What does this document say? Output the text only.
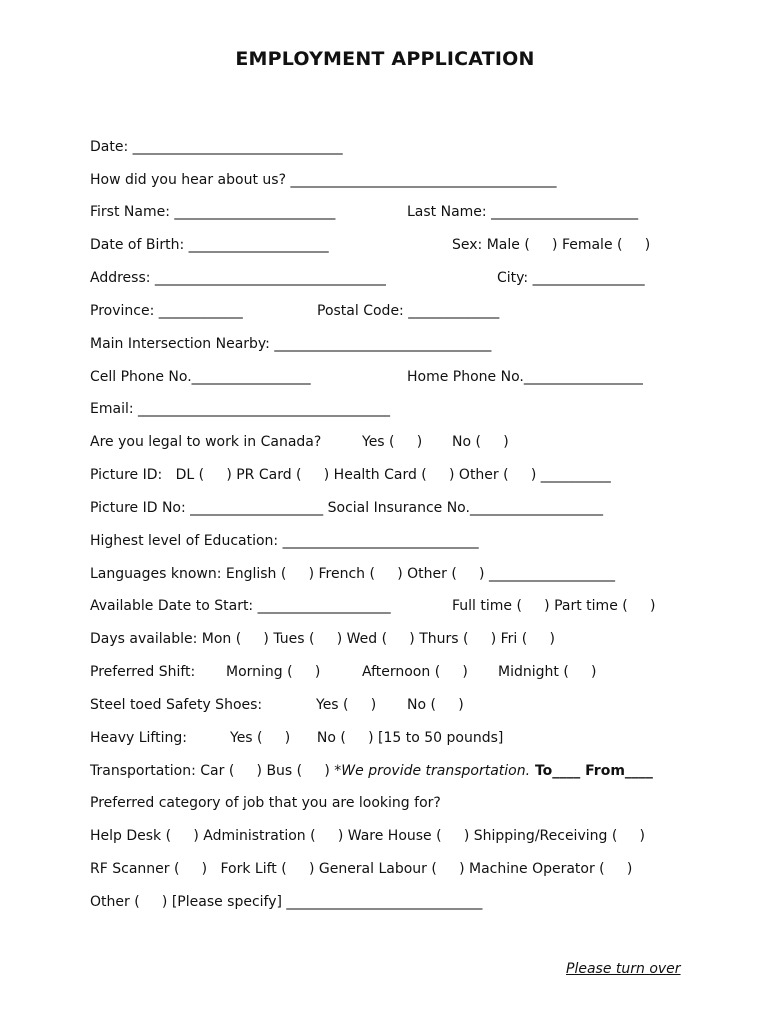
EMPLOYMENT APPLICATION
Date: ______________________________
How did you hear about us? ______________________________________
First Name: _______________________	Last Name: _____________________
Date of Birth: ____________________	Sex: Male (     ) Female (     )
Address: _________________________________	City: ________________
Province: ____________	Postal Code: _____________
Main Intersection Nearby: _______________________________
Cell Phone No._________________	Home Phone No._________________
Email: ____________________________________
Are you legal to work in Canada?	Yes (     ) No (     )
Picture ID:   DL (     ) PR Card (     ) Health Card (     ) Other (     ) __________
Picture ID No: ___________________ Social Insurance No.___________________
Highest level of Education: ____________________________
Languages known: English (     ) French (     ) Other (     ) __________________
Available Date to Start: ___________________	Full time (     ) Part time (     )
Days available: Mon (     ) Tues (     ) Wed (     ) Thurs (     ) Fri (     )
Preferred Shift: Morning (     )	Afternoon (     ) Midnight (     )
Steel toed Safety Shoes:	Yes (     ) No (     )
Heavy Lifting:	Yes (     )      No (     ) [15 to 50 pounds]
Transportation: Car (     ) Bus (     ) *We provide transportation. To____ From____
Preferred category of job that you are looking for?
Help Desk (     ) Administration (     ) Ware House (     ) Shipping/Receiving (     )
RF Scanner (     )   Fork Lift (     ) General Labour (     ) Machine Operator (     )
Other (     ) [Please specify] ____________________________
Please turn over
